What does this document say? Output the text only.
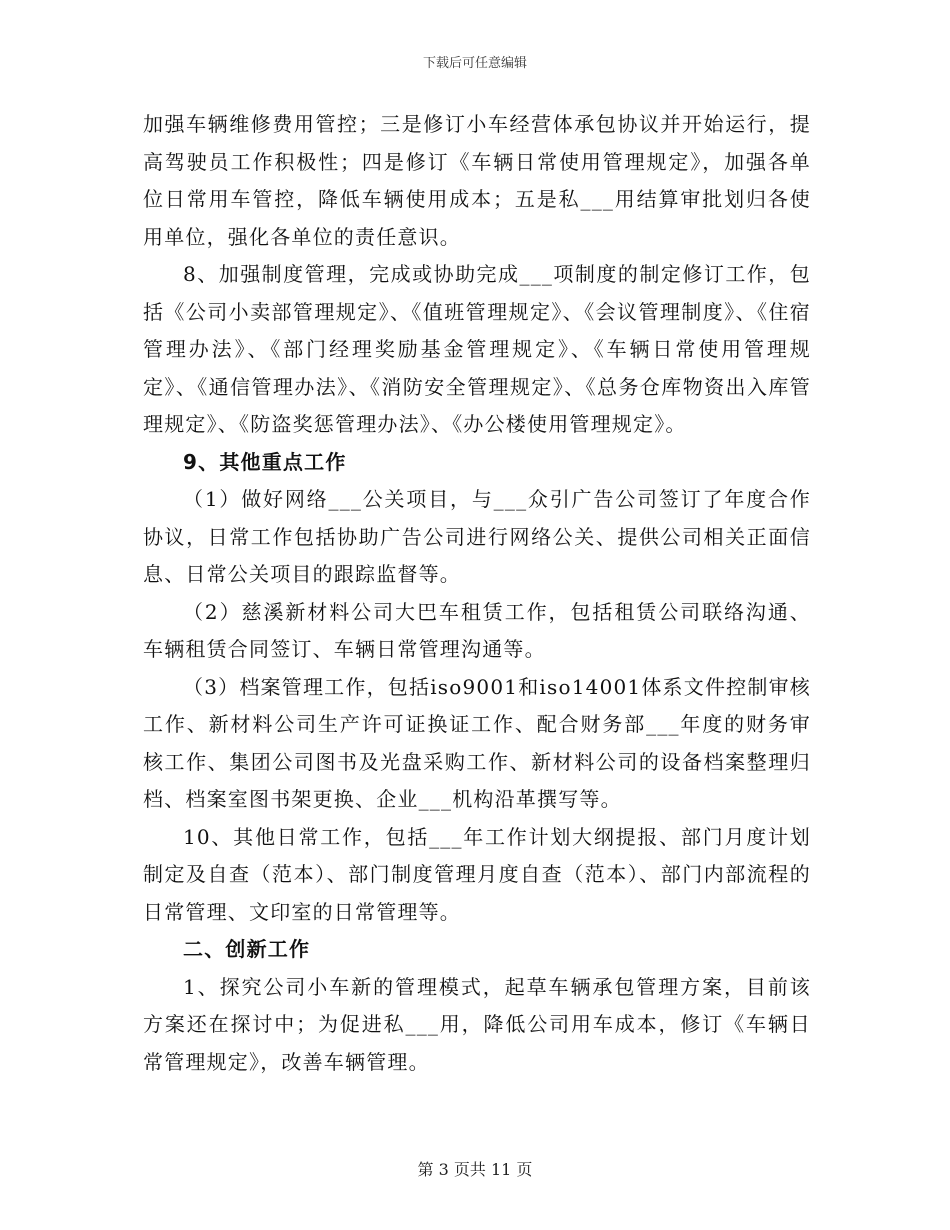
下载后可任意编辑

加强车辆维修费用管控；三是修订小车经营体承包协议并开始运行，提高驾驶员工作积极性；四是修订《车辆日常使用管理规定》，加强各单位日常用车管控，降低车辆使用成本；五是私___用结算审批划归各使用单位，强化各单位的责任意识。

8、加强制度管理，完成或协助完成___项制度的制定修订工作，包括《公司小卖部管理规定》、《值班管理规定》、《会议管理制度》、《住宿管理办法》、《部门经理奖励基金管理规定》、《车辆日常使用管理规定》、《通信管理办法》、《消防安全管理规定》、《总务仓库物资出入库管理规定》、《防盗奖惩管理办法》、《办公楼使用管理规定》。

9、其他重点工作

（1）做好网络___公关项目，与___众引广告公司签订了年度合作协议，日常工作包括协助广告公司进行网络公关、提供公司相关正面信息、日常公关项目的跟踪监督等。

（2）慈溪新材料公司大巴车租赁工作，包括租赁公司联络沟通、车辆租赁合同签订、车辆日常管理沟通等。

（3）档案管理工作，包括iso9001和iso14001体系文件控制审核工作、新材料公司生产许可证换证工作、配合财务部___年度的财务审核工作、集团公司图书及光盘采购工作、新材料公司的设备档案整理归档、档案室图书架更换、企业___机构沿革撰写等。

10、其他日常工作，包括___年工作计划大纲提报、部门月度计划制定及自查（范本）、部门制度管理月度自查（范本）、部门内部流程的日常管理、文印室的日常管理等。

二、创新工作

1、探究公司小车新的管理模式，起草车辆承包管理方案，目前该方案还在探讨中；为促进私___用，降低公司用车成本，修订《车辆日常管理规定》，改善车辆管理。

第 3 页共 11 页
